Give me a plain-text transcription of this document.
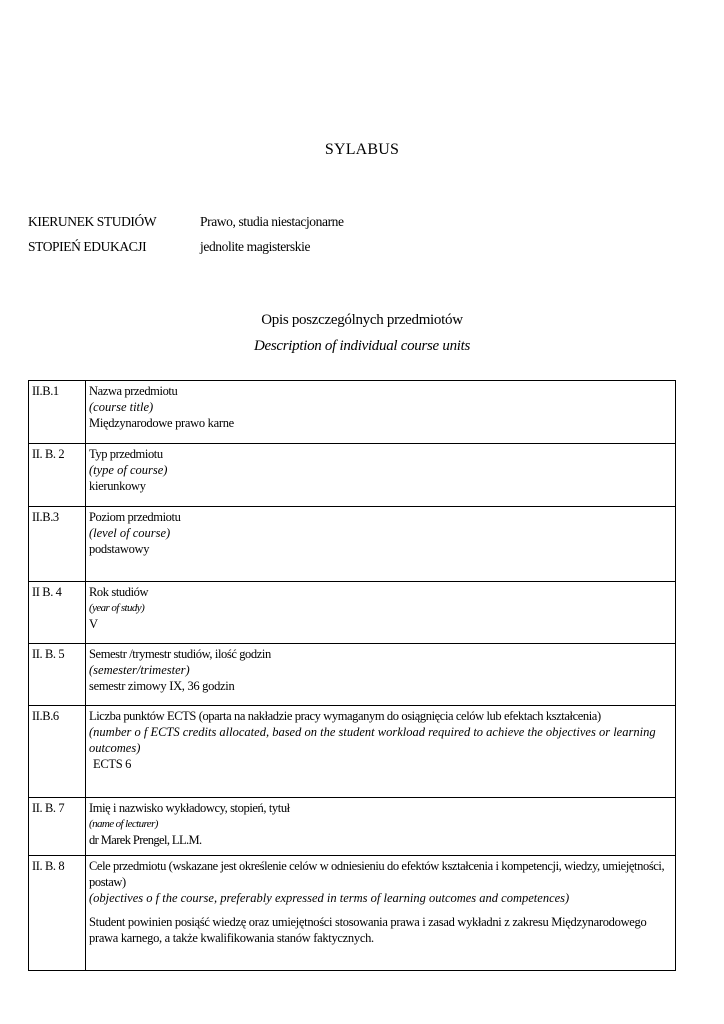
SYLABUS
KIERUNEK STUDIÓW	Prawo, studia niestacjonarne
STOPIEŃ EDUKACJI	jednolite magisterskie
Opis poszczególnych przedmiotów
Description of individual course units
II.B.1	Nazwa przedmiotu
(course title)
Międzynarodowe prawo karne

II. B. 2	Typ przedmiotu
(type of course)
kierunkowy

II.B.3	Poziom przedmiotu
(level of course)
podstawowy

II B. 4	Rok studiów
(year of study)
V

II. B. 5	Semestr /trymestr studiów, ilość godzin
(semester/trimester)
semestr zimowy IX, 36 godzin

II.B.6	Liczba punktów ECTS (oparta na nakładzie pracy wymaganym do osiągnięcia celów lub efektach kształcenia)
(number o f ECTS credits allocated, based on the student workload required to achieve the objectives or learning outcomes)
ECTS 6

II. B. 7	Imię i nazwisko wykładowcy, stopień, tytuł
(name of lecturer)
dr Marek Prengel, LL.M.

II. B. 8	Cele przedmiotu (wskazane jest określenie celów w odniesieniu do efektów kształcenia i kompetencji, wiedzy, umiejętności, postaw)
(objectives o f the course, preferably expressed in terms of learning outcomes and competences)
Student powinien posiąść wiedzę oraz umiejętności stosowania prawa i zasad wykładni z zakresu Międzynarodowego prawa karnego, a także kwalifikowania stanów faktycznych.
